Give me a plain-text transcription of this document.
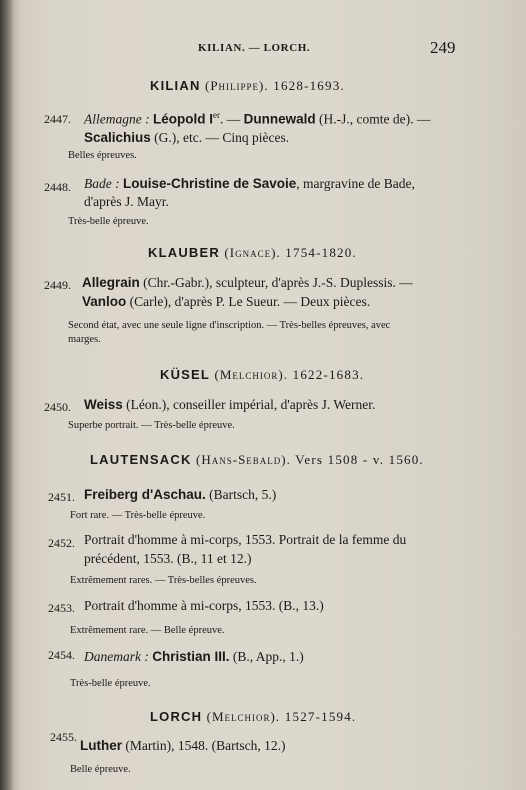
KILIAN. — LORCH.	249
KILIAN (Philippe). 1628-1693.
2447. Allemagne : Léopold Ier. — Dunnewald (H.-J., comte de). —
Scalichius (G.), etc. — Cinq pièces.
Belles épreuves.
2448. Bade : Louise-Christine de Savoie, margravine de Bade,
d'après J. Mayr.
Très-belle épreuve.
KLAUBER (Ignace). 1754-1820.
2449. Allegrain (Chr.-Gabr.), sculpteur, d'après J.-S. Duplessis. —
Vanloo (Carle), d'après P. Le Sueur. — Deux pièces.
Second état, avec une seule ligne d'inscription. — Très-belles épreuves, avec
marges.
KÜSEL (Melchior). 1622-1683.
2450. Weiss (Léon.), conseiller impérial, d'après J. Werner.
Superbe portrait. — Très-belle épreuve.
LAUTENSACK (Hans-Sebald). Vers 1508 - v. 1560.
2451. Freiberg d'Aschau. (Bartsch, 5.)
Fort rare. — Très-belle épreuve.
2452. Portrait d'homme à mi-corps, 1553. Portrait de la femme du
précédent, 1553. (B., 11 et 12.)
Extrêmement rares. — Très-belles épreuves.
2453. Portrait d'homme à mi-corps, 1553. (B., 13.)
Extrêmement rare. — Belle épreuve.
2454. Danemark : Christian III. (B., App., 1.)
Très-belle épreuve.
LORCH (Melchior). 1527-1594.
2455.
Luther (Martin), 1548. (Bartsch, 12.)
Belle épreuve.
